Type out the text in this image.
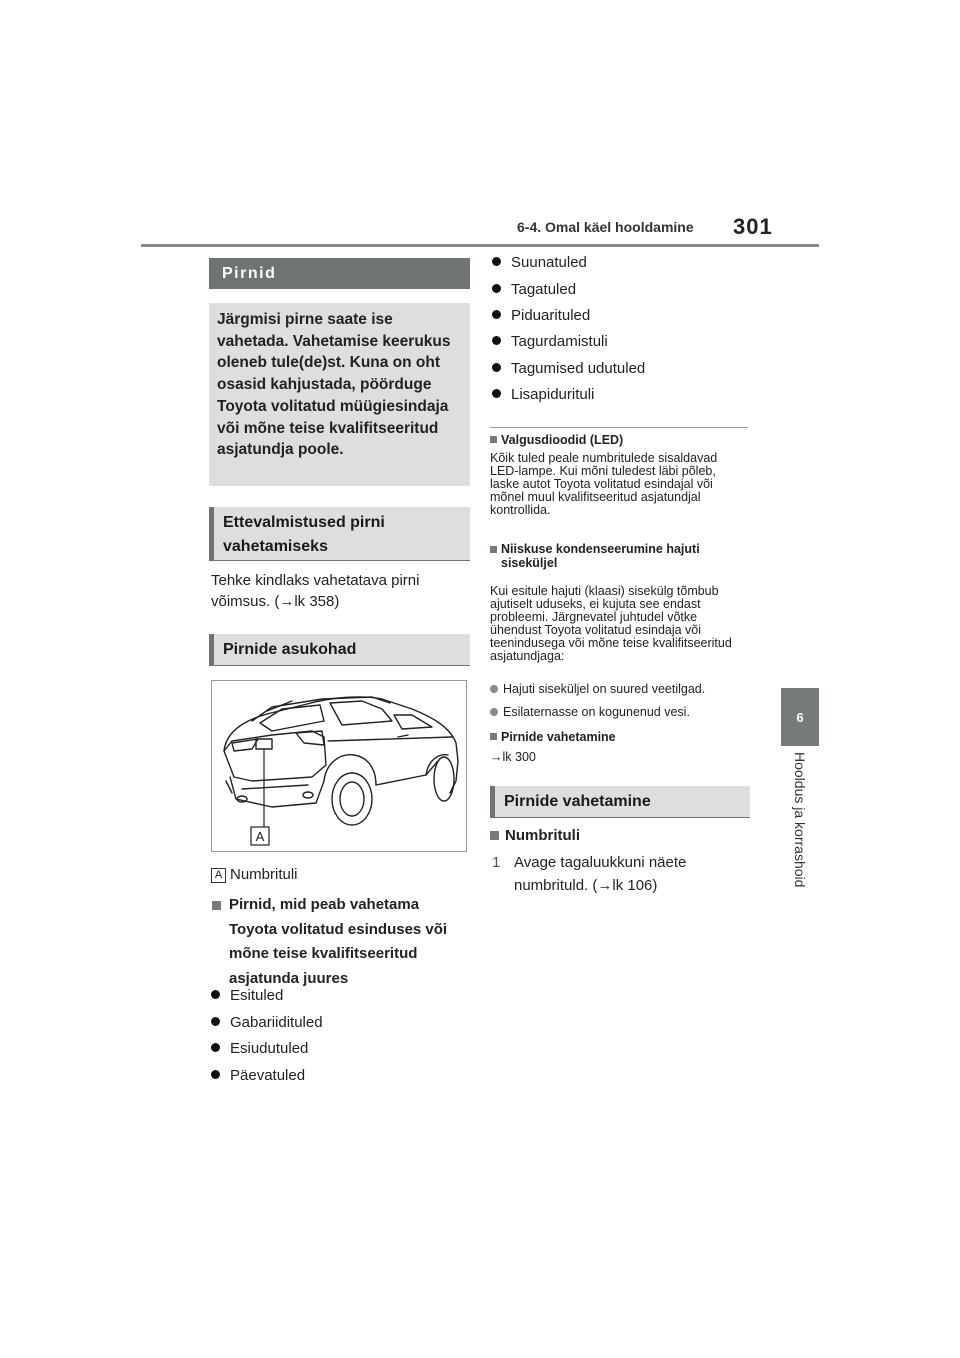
6-4. Omal käel hooldamine 301
6
Hooldus ja korrashoid
Pirnid
Järgmisi pirne saate ise vahetada. Vahetamise keerukus oleneb tule(de)st. Kuna on oht osasid kahjustada, pöörduge Toyota volitatud müügiesindaja või mõne teise kvalifitseeritud asjatundja poole.
Ettevalmistused pirni vahetamiseks
Tehke kindlaks vahetatava pirni võimsus. (→lk 358)
Pirnide asukohad
A
A Numbrituli
Pirnid, mid peab vahetama Toyota volitatud esinduses või mõne teise kvalifitseeritud asjatunda juures
Esituled
Gabariidituled
Esiudutuled
Päevatuled
Suunatuled
Tagatuled
Piduarituled
Tagurdamistuli
Tagumised udutuled
Lisapidurituli
Valgusdioodid (LED)
Kõik tuled peale numbritulede sisaldavad LED-lampe. Kui mõni tuledest läbi põleb, laske autot Toyota volitatud esindajal või mõnel muul kvalifitseeritud asjatundjal kontrollida.
Niiskuse kondenseerumine hajuti siseküljel
Kui esitule hajuti (klaasi) sisekülg tõmbub ajutiselt uduseks, ei kujuta see endast probleemi. Järgnevatel juhtudel võtke ühendust Toyota volitatud esindaja või teenindusega või mõne teise kvalifitseeritud asjatundjaga:
Hajuti siseküljel on suured veetilgad.
Esilaternasse on kogunenud vesi.
Pirnide vahetamine
→lk 300
Pirnide vahetamine
Numbrituli
1 Avage tagaluukkuni näete numbrituld. (→lk 106)
